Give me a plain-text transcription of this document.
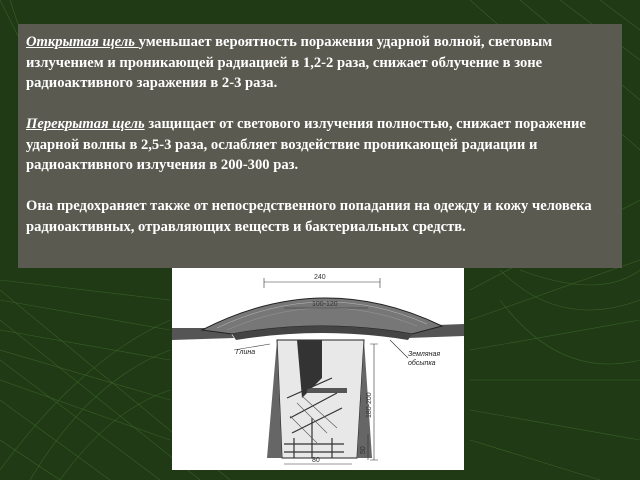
Открытая щель уменьшает вероятность поражения ударной волной, световым излучением и проникающей радиацией в 1,2-2 раза, снижает облучение в зоне радиоактивного заражения в 2-3 раза.

Перекрытая щель защищает от светового излучения полностью, снижает поражение ударной волны в 2,5-3 раза, ослабляет воздействие проникающей радиации и радиоактивного излучения в 200-300 раз.

Она предохраняет также от непосредственного попадания на одежду и кожу человека радиоактивных, отравляющих веществ и бактериальных средств.

240
100-120
180-200
80
50
Глина	Земляная
обсыпка
